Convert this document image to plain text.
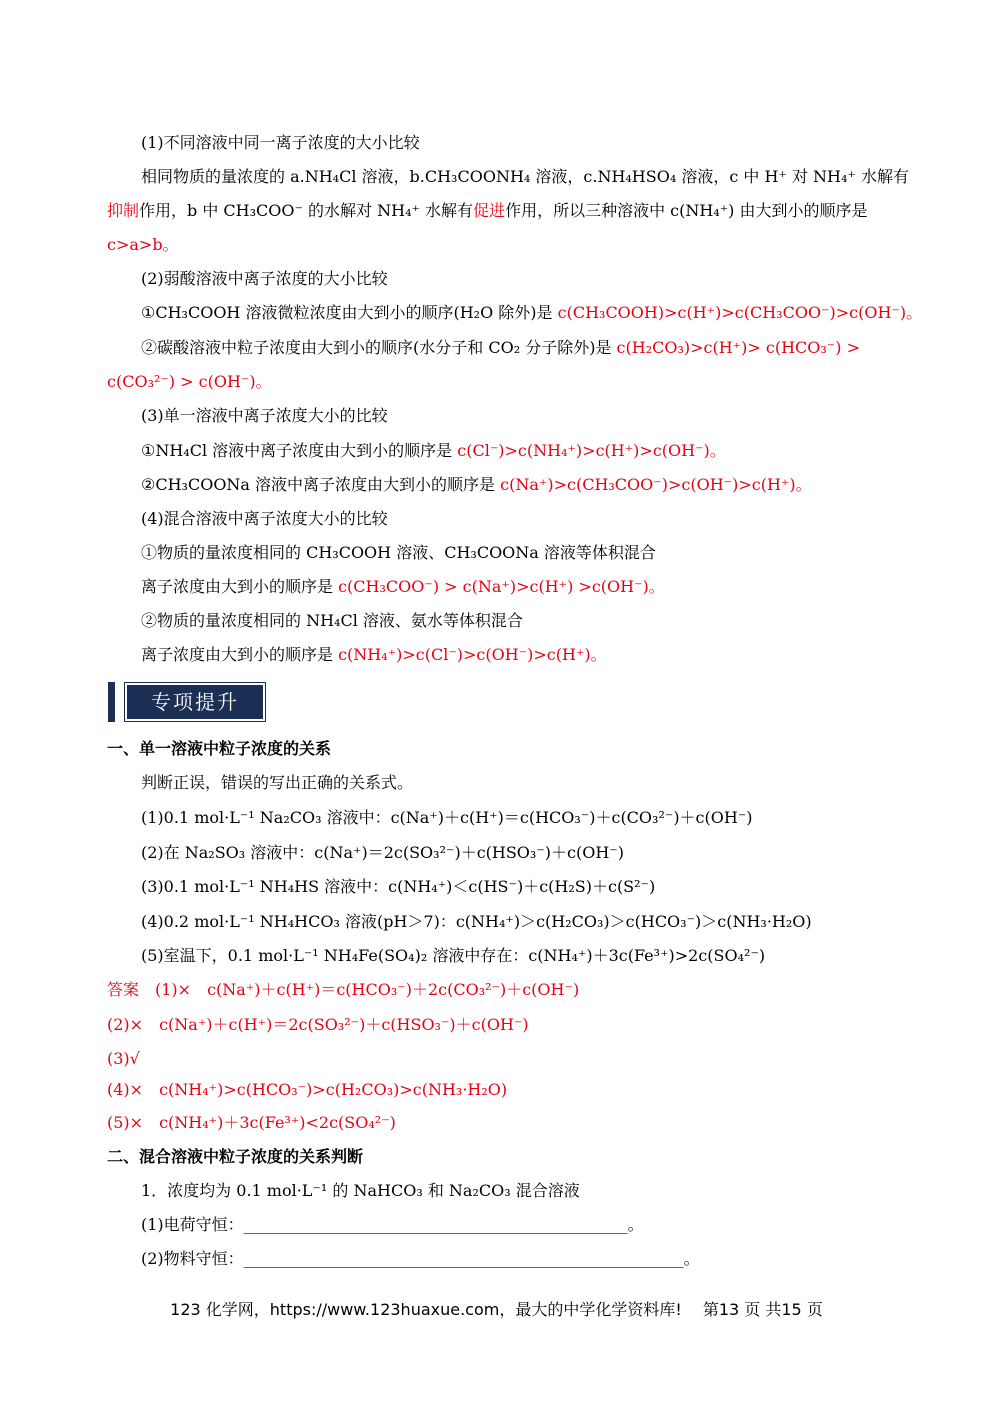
(1)不同溶液中同一离子浓度的大小比较
相同物质的量浓度的 a.NH₄Cl 溶液，b.CH₃COONH₄ 溶液，c.NH₄HSO₄ 溶液，c 中 H⁺ 对 NH₄⁺ 水解有
抑制作用，b 中 CH₃COO⁻ 的水解对 NH₄⁺ 水解有促进作用，所以三种溶液中 c(NH₄⁺) 由大到小的顺序是
c>a>b。
(2)弱酸溶液中离子浓度的大小比较
①CH₃COOH 溶液微粒浓度由大到小的顺序(H₂O 除外)是 c(CH₃COOH)>c(H⁺)>c(CH₃COO⁻)>c(OH⁻)。
②碳酸溶液中粒子浓度由大到小的顺序(水分子和 CO₂ 分子除外)是 c(H₂CO₃)>c(H⁺)> c(HCO₃⁻) >
c(CO₃²⁻) > c(OH⁻)。
(3)单一溶液中离子浓度大小的比较
①NH₄Cl 溶液中离子浓度由大到小的顺序是 c(Cl⁻)>c(NH₄⁺)>c(H⁺)>c(OH⁻)。
②CH₃COONa 溶液中离子浓度由大到小的顺序是 c(Na⁺)>c(CH₃COO⁻)>c(OH⁻)>c(H⁺)。
(4)混合溶液中离子浓度大小的比较
①物质的量浓度相同的 CH₃COOH 溶液、CH₃COONa 溶液等体积混合
离子浓度由大到小的顺序是 c(CH₃COO⁻) > c(Na⁺)>c(H⁺) >c(OH⁻)。
②物质的量浓度相同的 NH₄Cl 溶液、氨水等体积混合
离子浓度由大到小的顺序是 c(NH₄⁺)>c(Cl⁻)>c(OH⁻)>c(H⁺)。
一、单一溶液中粒子浓度的关系
判断正误，错误的写出正确的关系式。
(1)0.1 mol·L⁻¹ Na₂CO₃ 溶液中：c(Na⁺)＋c(H⁺)＝c(HCO₃⁻)＋c(CO₃²⁻)＋c(OH⁻)
(2)在 Na₂SO₃ 溶液中：c(Na⁺)＝2c(SO₃²⁻)＋c(HSO₃⁻)＋c(OH⁻)
(3)0.1 mol·L⁻¹ NH₄HS 溶液中：c(NH₄⁺)＜c(HS⁻)＋c(H₂S)＋c(S²⁻)
(4)0.2 mol·L⁻¹ NH₄HCO₃ 溶液(pH＞7)：c(NH₄⁺)＞c(H₂CO₃)＞c(HCO₃⁻)＞c(NH₃·H₂O)
(5)室温下，0.1 mol·L⁻¹ NH₄Fe(SO₄)₂ 溶液中存在：c(NH₄⁺)＋3c(Fe³⁺)>2c(SO₄²⁻)
答案　(1)×　c(Na⁺)＋c(H⁺)＝c(HCO₃⁻)＋2c(CO₃²⁻)＋c(OH⁻)
(2)×　c(Na⁺)＋c(H⁺)＝2c(SO₃²⁻)＋c(HSO₃⁻)＋c(OH⁻)
(3)√
(4)×　c(NH₄⁺)>c(HCO₃⁻)>c(H₂CO₃)>c(NH₃·H₂O)
(5)×　c(NH₄⁺)＋3c(Fe³⁺)<2c(SO₄²⁻)
二、混合溶液中粒子浓度的关系判断
1．浓度均为 0.1 mol·L⁻¹ 的 NaHCO₃ 和 Na₂CO₃ 混合溶液
(1)电荷守恒：________________________________________________。
(2)物料守恒：_______________________________________________________。
专项提升
123 化学网，https://www.123huaxue.com，最大的中学化学资料库!　 第13 页 共15 页
